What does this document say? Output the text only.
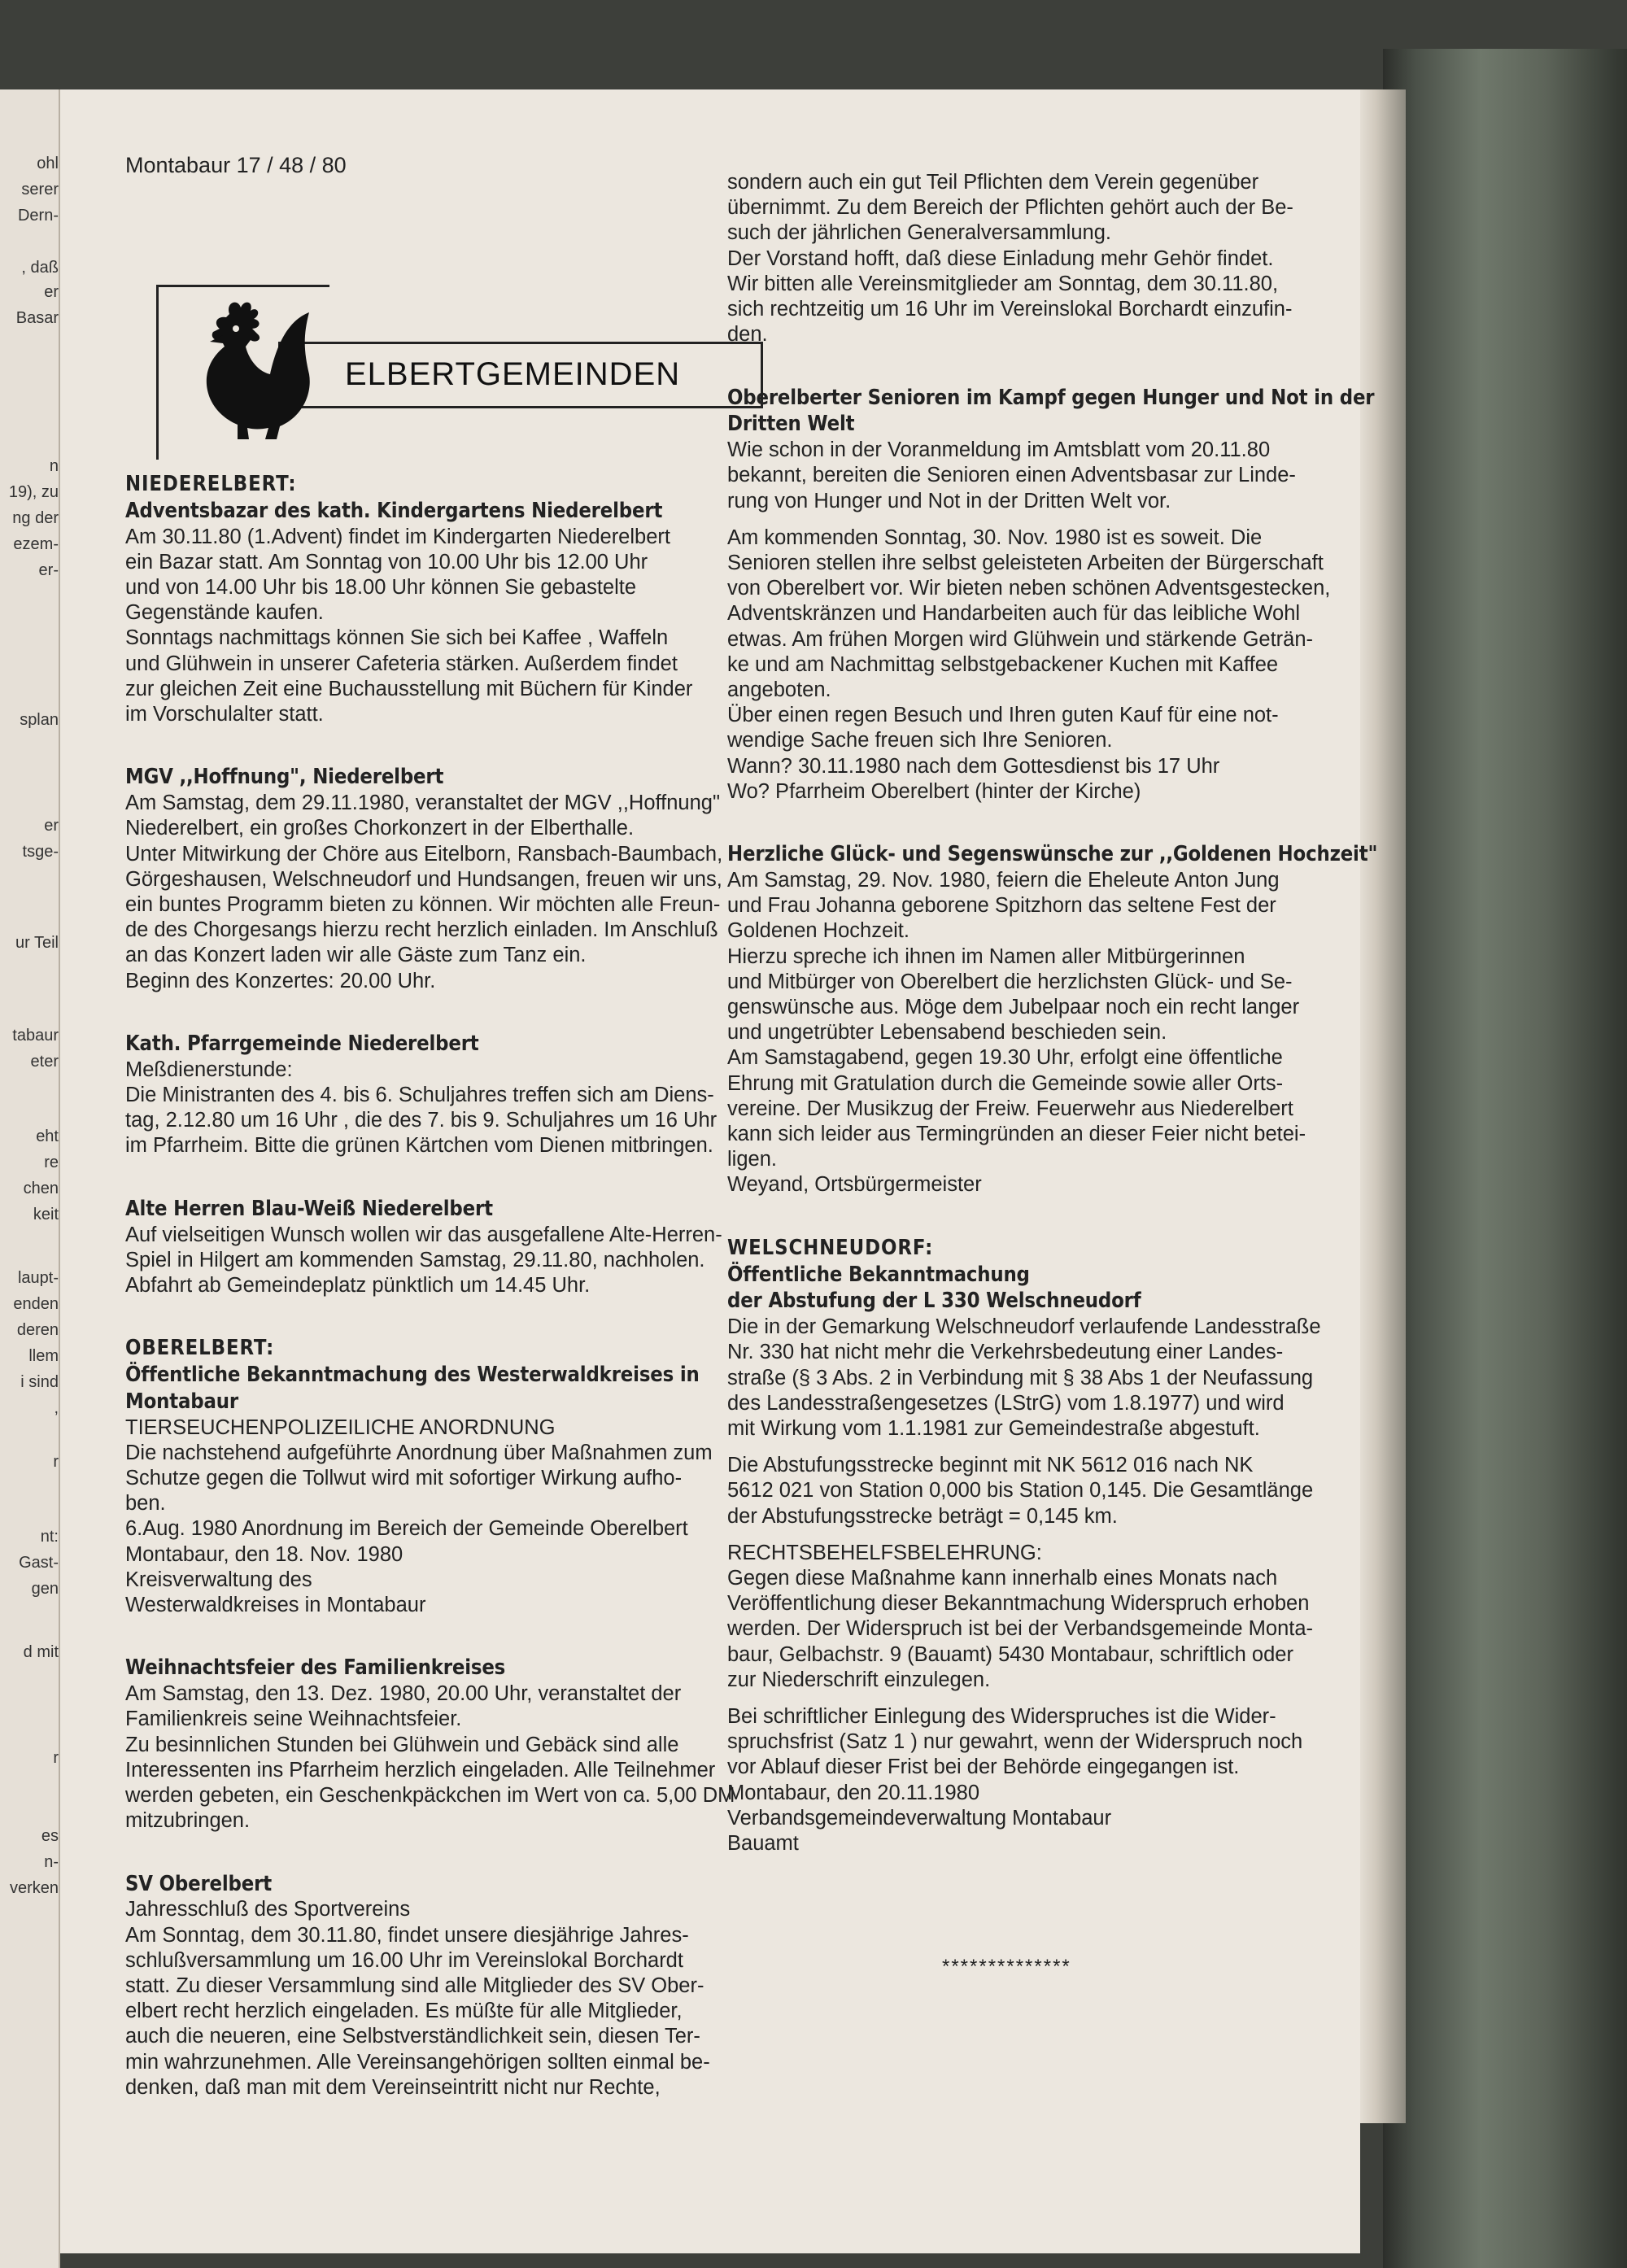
ohl
serer
Dern-
, daß
er
Basar
n
19), zu
ng der
ezem-
er-
splan
er
tsge-
ur Teil
tabaur
eter
eht
re
chen
keit
laupt-
enden
deren
llem
i sind
,
r
nt:
Gast-
gen
d mit
r
es
n-
verken
Montabaur 17 / 48 / 80
ELBERTGEMEINDEN
NIEDERELBERT:
Adventsbazar des kath. Kindergartens Niederelbert
Am 30.11.80 (1.Advent) findet im Kindergarten Niederelbert
ein Bazar statt. Am Sonntag von 10.00 Uhr bis 12.00 Uhr
und von 14.00 Uhr bis 18.00 Uhr können Sie gebastelte
Gegenstände kaufen.
Sonntags nachmittags können Sie sich bei Kaffee , Waffeln
und Glühwein in unserer Cafeteria stärken. Außerdem findet
zur gleichen Zeit eine Buchausstellung mit Büchern für Kinder
im Vorschulalter statt.
MGV ,,Hoffnung", Niederelbert
Am Samstag, dem 29.11.1980, veranstaltet der MGV ,,Hoffnung"
Niederelbert, ein großes Chorkonzert in der Elberthalle.
Unter Mitwirkung der Chöre aus Eitelborn, Ransbach-Baumbach,
Görgeshausen, Welschneudorf und Hundsangen, freuen wir uns,
ein buntes Programm bieten zu können. Wir möchten alle Freun-
de des Chorgesangs hierzu recht herzlich einladen. Im Anschluß
an das Konzert laden wir alle Gäste zum Tanz ein.
Beginn des Konzertes: 20.00 Uhr.
Kath. Pfarrgemeinde Niederelbert
Meßdienerstunde:
Die Ministranten des 4. bis 6. Schuljahres treffen sich am Diens-
tag, 2.12.80 um 16 Uhr , die des 7. bis 9. Schuljahres um 16 Uhr
im Pfarrheim. Bitte die grünen Kärtchen vom Dienen mitbringen.
Alte Herren Blau-Weiß Niederelbert
Auf vielseitigen Wunsch wollen wir das ausgefallene Alte-Herren-
Spiel in Hilgert am kommenden Samstag, 29.11.80, nachholen.
Abfahrt ab Gemeindeplatz pünktlich um 14.45 Uhr.
OBERELBERT:
Öffentliche Bekanntmachung des Westerwaldkreises in
Montabaur
TIERSEUCHENPOLIZEILICHE ANORDNUNG
Die nachstehend aufgeführte Anordnung über Maßnahmen zum
Schutze gegen die Tollwut wird mit sofortiger Wirkung aufho-
ben.
6.Aug. 1980 Anordnung im Bereich der Gemeinde Oberelbert
Montabaur, den 18. Nov. 1980
Kreisverwaltung des
Westerwaldkreises in Montabaur
Weihnachtsfeier des Familienkreises
Am Samstag, den 13. Dez. 1980, 20.00 Uhr, veranstaltet der
Familienkreis seine Weihnachtsfeier.
Zu besinnlichen Stunden bei Glühwein und Gebäck sind alle
Interessenten ins Pfarrheim herzlich eingeladen. Alle Teilnehmer
werden gebeten, ein Geschenkpäckchen im Wert von ca. 5,00 DM
mitzubringen.
SV Oberelbert
Jahresschluß des Sportvereins
Am Sonntag, dem 30.11.80, findet unsere diesjährige Jahres-
schlußversammlung um 16.00 Uhr im Vereinslokal Borchardt
statt. Zu dieser Versammlung sind alle Mitglieder des SV Ober-
elbert recht herzlich eingeladen. Es müßte für alle Mitglieder,
auch die neueren, eine Selbstverständlichkeit sein, diesen Ter-
min wahrzunehmen. Alle Vereinsangehörigen sollten einmal be-
denken, daß man mit dem Vereinseintritt nicht nur Rechte,
sondern auch ein gut Teil Pflichten dem Verein gegenüber
übernimmt. Zu dem Bereich der Pflichten gehört auch der Be-
such der jährlichen Generalversammlung.
Der Vorstand hofft, daß diese Einladung mehr Gehör findet.
Wir bitten alle Vereinsmitglieder am Sonntag, dem 30.11.80,
sich rechtzeitig um 16 Uhr im Vereinslokal Borchardt einzufin-
den.
Oberelberter Senioren im Kampf gegen Hunger und Not in der
Dritten Welt
Wie schon in der Voranmeldung im Amtsblatt vom 20.11.80
bekannt, bereiten die Senioren einen Adventsbasar zur Linde-
rung von Hunger und Not in der Dritten Welt vor.
Am kommenden Sonntag, 30. Nov. 1980 ist es soweit. Die
Senioren stellen ihre selbst geleisteten Arbeiten der Bürgerschaft
von Oberelbert vor. Wir bieten neben schönen Adventsgestecken,
Adventskränzen und Handarbeiten auch für das leibliche Wohl
etwas. Am frühen Morgen wird Glühwein und stärkende Geträn-
ke und am Nachmittag selbstgebackener Kuchen mit Kaffee
angeboten.
Über einen regen Besuch und Ihren guten Kauf für eine not-
wendige Sache freuen sich Ihre Senioren.
Wann? 30.11.1980 nach dem Gottesdienst bis 17 Uhr
Wo? Pfarrheim Oberelbert (hinter der Kirche)
Herzliche Glück- und Segenswünsche zur ,,Goldenen Hochzeit"
Am Samstag, 29. Nov. 1980, feiern die Eheleute Anton Jung
und Frau Johanna geborene Spitzhorn das seltene Fest der
Goldenen Hochzeit.
Hierzu spreche ich ihnen im Namen aller Mitbürgerinnen
und Mitbürger von Oberelbert die herzlichsten Glück- und Se-
genswünsche aus. Möge dem Jubelpaar noch ein recht langer
und ungetrübter Lebensabend beschieden sein.
Am Samstagabend, gegen 19.30 Uhr, erfolgt eine öffentliche
Ehrung mit Gratulation durch die Gemeinde sowie aller Orts-
vereine. Der Musikzug der Freiw. Feuerwehr aus Niederelbert
kann sich leider aus Termingründen an dieser Feier nicht betei-
ligen.
Weyand, Ortsbürgermeister
WELSCHNEUDORF:
Öffentliche Bekanntmachung
der Abstufung der L 330 Welschneudorf
Die in der Gemarkung Welschneudorf verlaufende Landesstraße
Nr. 330 hat nicht mehr die Verkehrsbedeutung einer Landes-
straße (§ 3 Abs. 2 in Verbindung mit § 38 Abs 1 der Neufassung
des Landesstraßengesetzes (LStrG) vom 1.8.1977) und wird
mit Wirkung vom 1.1.1981 zur Gemeindestraße abgestuft.
Die Abstufungsstrecke beginnt mit NK 5612 016 nach NK
5612 021 von Station 0,000 bis Station 0,145. Die Gesamtlänge
der Abstufungsstrecke beträgt = 0,145 km.
RECHTSBEHELFSBELEHRUNG:
Gegen diese Maßnahme kann innerhalb eines Monats nach
Veröffentlichung dieser Bekanntmachung Widerspruch erhoben
werden. Der Widerspruch ist bei der Verbandsgemeinde Monta-
baur, Gelbachstr. 9 (Bauamt) 5430 Montabaur, schriftlich oder
zur Niederschrift einzulegen.
Bei schriftlicher Einlegung des Widerspruches ist die Wider-
spruchsfrist (Satz 1 ) nur gewahrt, wenn der Widerspruch noch
vor Ablauf dieser Frist bei der Behörde eingegangen ist.
Montabaur, den 20.11.1980
Verbandsgemeindeverwaltung Montabaur
Bauamt
**************
